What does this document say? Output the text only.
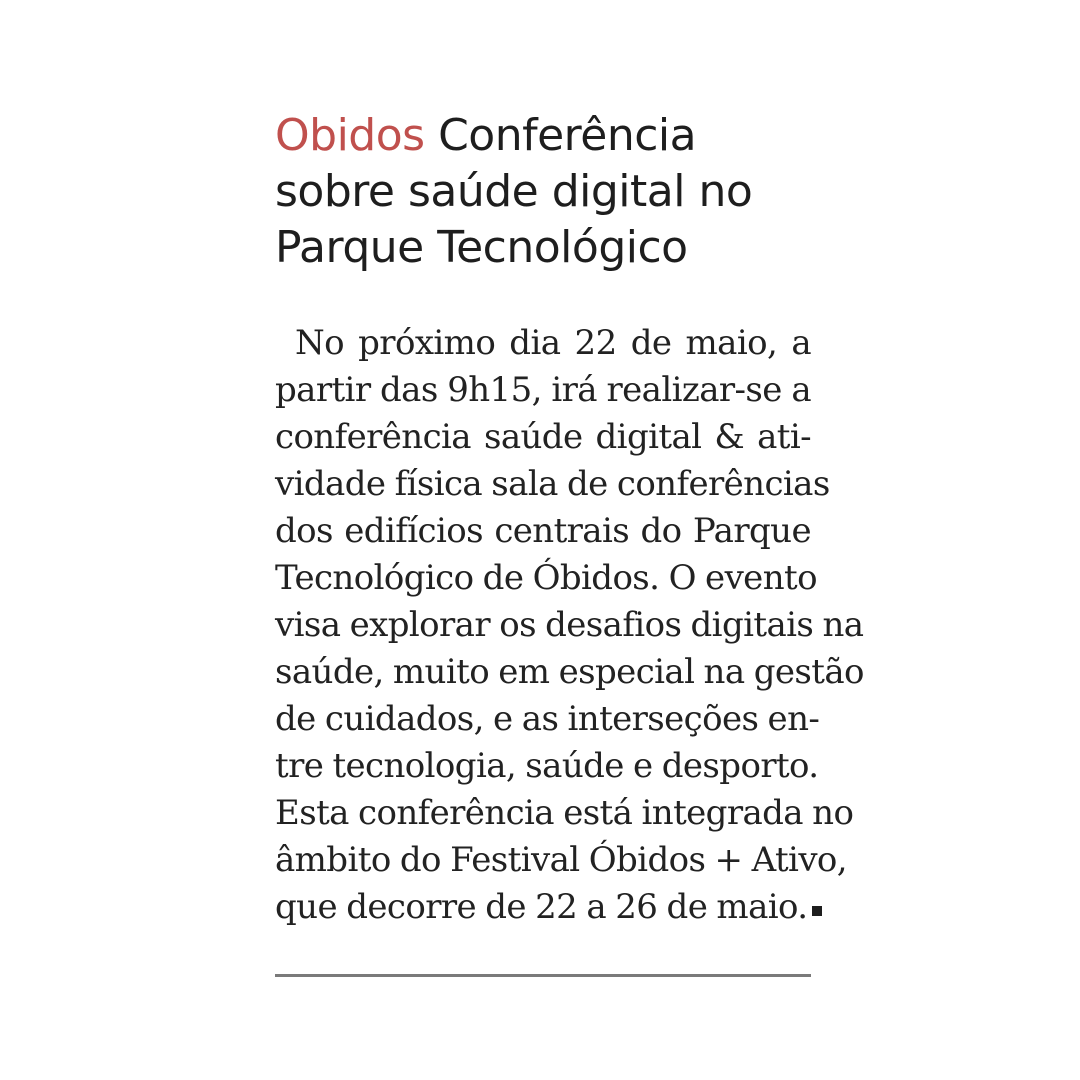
Obidos Conferência sobre saúde digital no Parque Tecnológico
No próximo dia 22 de maio, a
partir das 9h15, irá realizar-se a
conferência saúde digital & ati-
vidade física sala de conferências
dos edifícios centrais do Parque
Tecnológico de Óbidos. O evento
visa explorar os desafios digitais na
saúde, muito em especial na gestão
de cuidados, e as interseções en-
tre tecnologia, saúde e desporto.
Esta conferência está integrada no
âmbito do Festival Óbidos + Ativo,
que decorre de 22 a 26 de maio.
